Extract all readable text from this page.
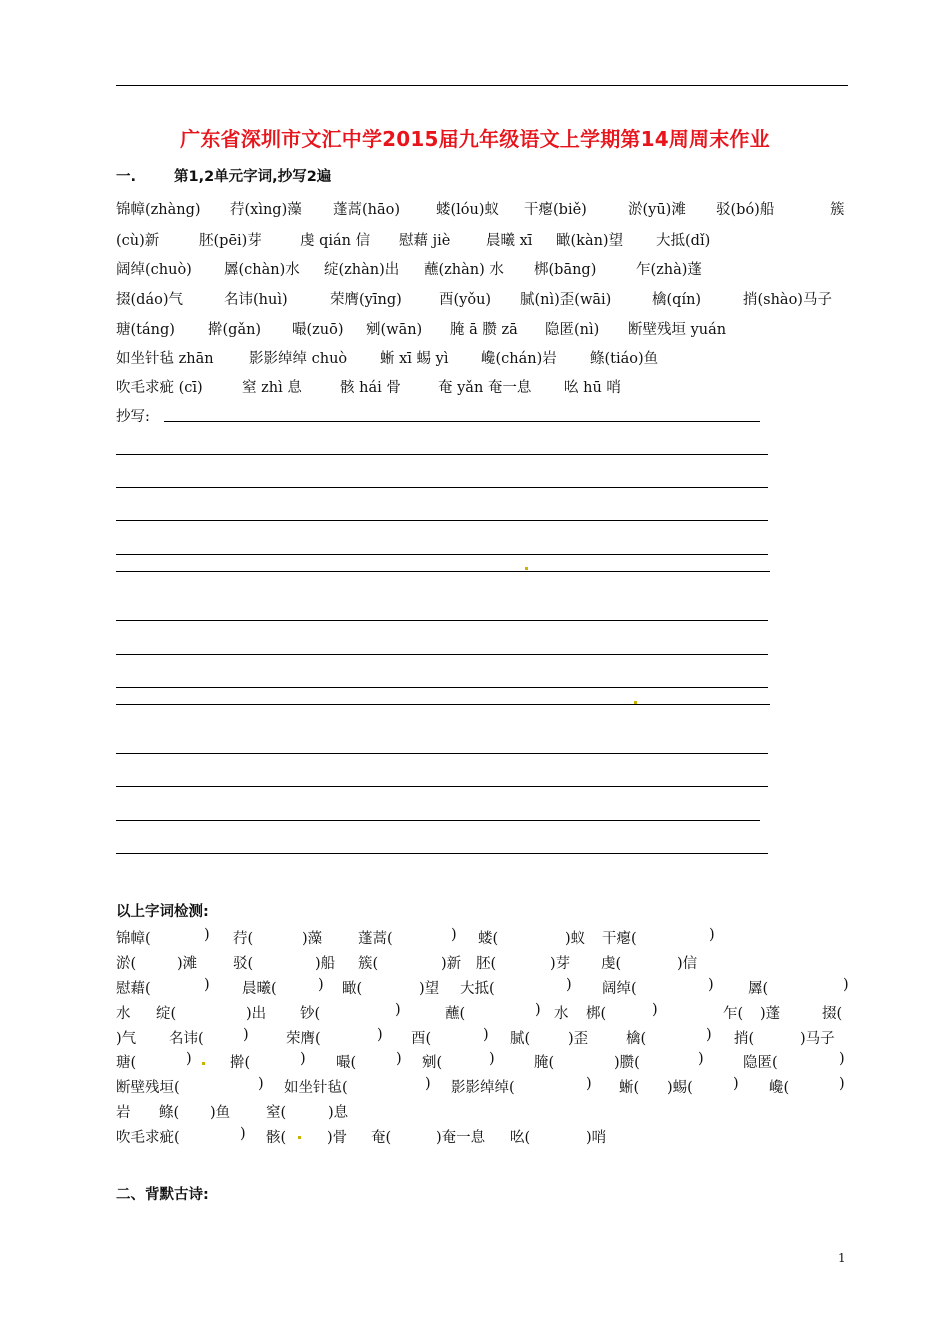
广东省深圳市文汇中学2015届九年级语文上学期第14周周末作业
一.	第1,2单元字词,抄写2遍
锦幛(zhàng) 荇(xìng)藻 蓬蒿(hāo) 蝼(lóu)蚁 干瘪(biě)	淤(yū)滩 驳(bó)船	簇
(cù)新	胚(pēi)芽	虔 qián 信 慰藉 jiè 晨曦 xī 瞰(kàn)望 大抵(dǐ)
阔绰(chuò) 羼(chàn)水 绽(zhàn)出 蘸(zhàn) 水 梆(bāng)	乍(zhà)蓬
掇(dáo)气	名讳(huì)	荣膺(yīng)	酉(yǒu) 腻(nì)歪(wāi)	檎(qín)	捎(shào)马子
瑭(táng) 擀(gǎn) 嘬(zuō) 剜(wān) 腌 ā 臜 zā 隐匿(nì) 断壁残垣 yuán
如坐针毡 zhān 影影绰绰 chuò 蜥 xī 蜴 yì 巉(chán)岩 鲦(tiáo)鱼
吹毛求疵 (cī)	窒 zhì 息	骸 hái 骨	奄 yǎn 奄一息 吆 hū 哨
抄写:
以上字词检测:
锦幛(	) 荇(	)藻 蓬蒿(	) 蝼(	)蚁 干瘪(	)
淤(	)滩 驳(	)船 簇(	)新 胚(	)芽 虔(	)信
慰藉(	) 晨曦(	) 瞰(	)望 大抵(	) 阔绰(	) 羼(	)
水 绽(	)出 钞(	)	蘸(	) 水 梆(	)	乍( )蓬	掇(
)气 名讳(	)	荣膺(	) 酉(	) 腻(	)歪	檎(	) 捎(	)马子
瑭(	)	擀(	) 嘬(	) 剜(	)	腌(	)臜(	)	隐匿(	)
断壁残垣(	) 如坐针毡(	) 影影绰绰(	) 蜥( )蜴(	) 巉(	)
岩 鲦( )鱼 窒(	)息
吹毛求疵(	) 骸(	)骨 奄(	)奄一息 吆(	)哨
二、背默古诗:
1
